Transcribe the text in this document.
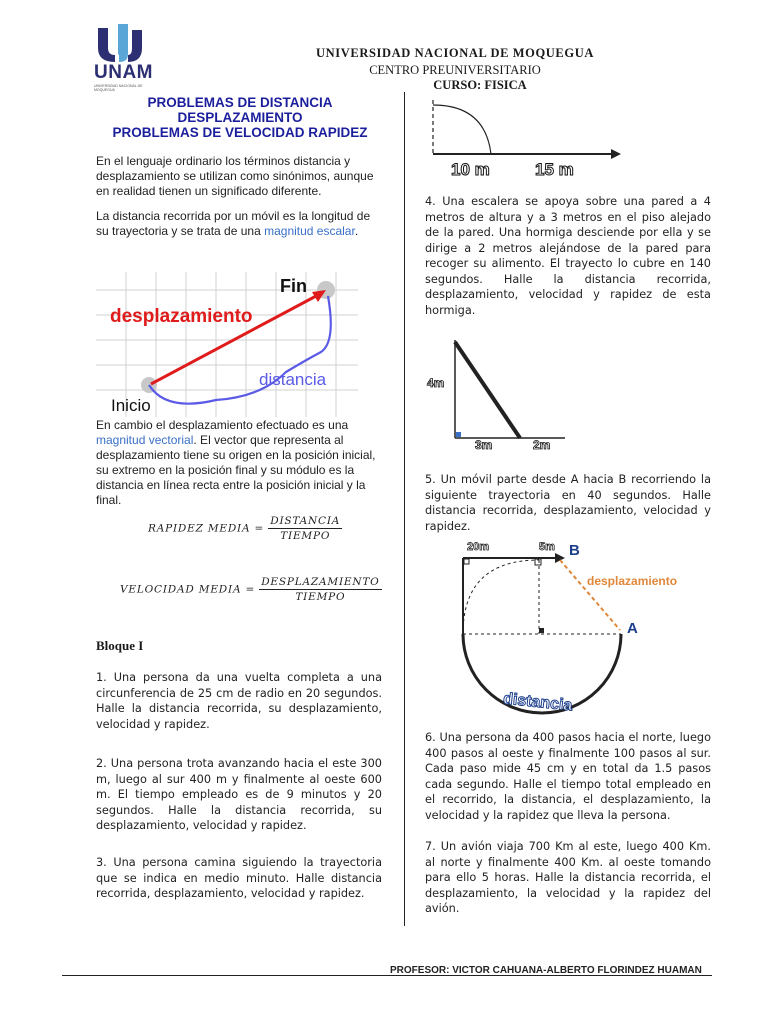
UNAM
UNIVERSIDAD NACIONAL DE MOQUEGUA
UNIVERSIDAD NACIONAL DE MOQUEGUA
CENTRO PREUNIVERSITARIO
CURSO: FISICA
PROBLEMAS DE DISTANCIA
DESPLAZAMIENTO
PROBLEMAS DE VELOCIDAD RAPIDEZ
En el lenguaje ordinario los términos distancia y desplazamiento se utilizan como sinónimos, aunque en realidad tienen un significado diferente.
La distancia recorrida por un móvil es la longitud de su trayectoria y se trata de una magnitud escalar.
Fin
Inicio
desplazamiento
distancia
En cambio el desplazamiento efectuado es una magnitud vectorial. El vector que representa al desplazamiento tiene su origen en la posición inicial, su extremo en la posición final y su módulo es la distancia en línea recta entre la posición inicial y la final.
RAPIDEZ MEDIA = $\frac{\text{DISTANCIA}}{\text{TIEMPO}}$
VELOCIDAD MEDIA = $\frac{\text{DESPLAZAMIENTO}}{\text{TIEMPO}}$
Bloque I
1. Una persona da una vuelta completa a una circunferencia de 25 cm de radio en 20 segundos. Halle la distancia recorrida, su desplazamiento, velocidad y rapidez.
2. Una persona trota avanzando hacia el este 300 m, luego al sur 400 m y finalmente al oeste 600 m. El tiempo empleado es de 9 minutos y 20 segundos. Halle la distancia recorrida, su desplazamiento, velocidad y rapidez.
3. Una persona camina siguiendo la trayectoria que se indica en medio minuto. Halle distancia recorrida, desplazamiento, velocidad y rapidez.
10 m	15 m
4. Una escalera se apoya sobre una pared a 4 metros de altura y a 3 metros en el piso alejado de la pared. Una hormiga desciende por ella y se dirige a 2 metros alejándose de la pared para recoger su alimento. El trayecto lo cubre en 140 segundos. Halle la distancia recorrida, desplazamiento, velocidad y rapidez de esta hormiga.
4m
3m	2m
5. Un móvil parte desde A hacia B recorriendo la siguiente trayectoria en 40 segundos. Halle distancia recorrida, desplazamiento, velocidad y rapidez.
20m	5m B
A
desplazamiento
distancia
6. Una persona da 400 pasos hacia el norte, luego 400 pasos al oeste y finalmente 100 pasos al sur. Cada paso mide 45 cm y en total da 1.5 pasos cada segundo. Halle el tiempo total empleado en el recorrido, la distancia, el desplazamiento, la velocidad y la rapidez que lleva la persona.
7. Un avión viaja 700 Km al este, luego 400 Km. al norte y finalmente 400 Km. al oeste tomando para ello 5 horas. Halle la distancia recorrida, el desplazamiento, la velocidad y la rapidez del avión.
PROFESOR: VICTOR CAHUANA-ALBERTO FLORINDEZ HUAMAN
